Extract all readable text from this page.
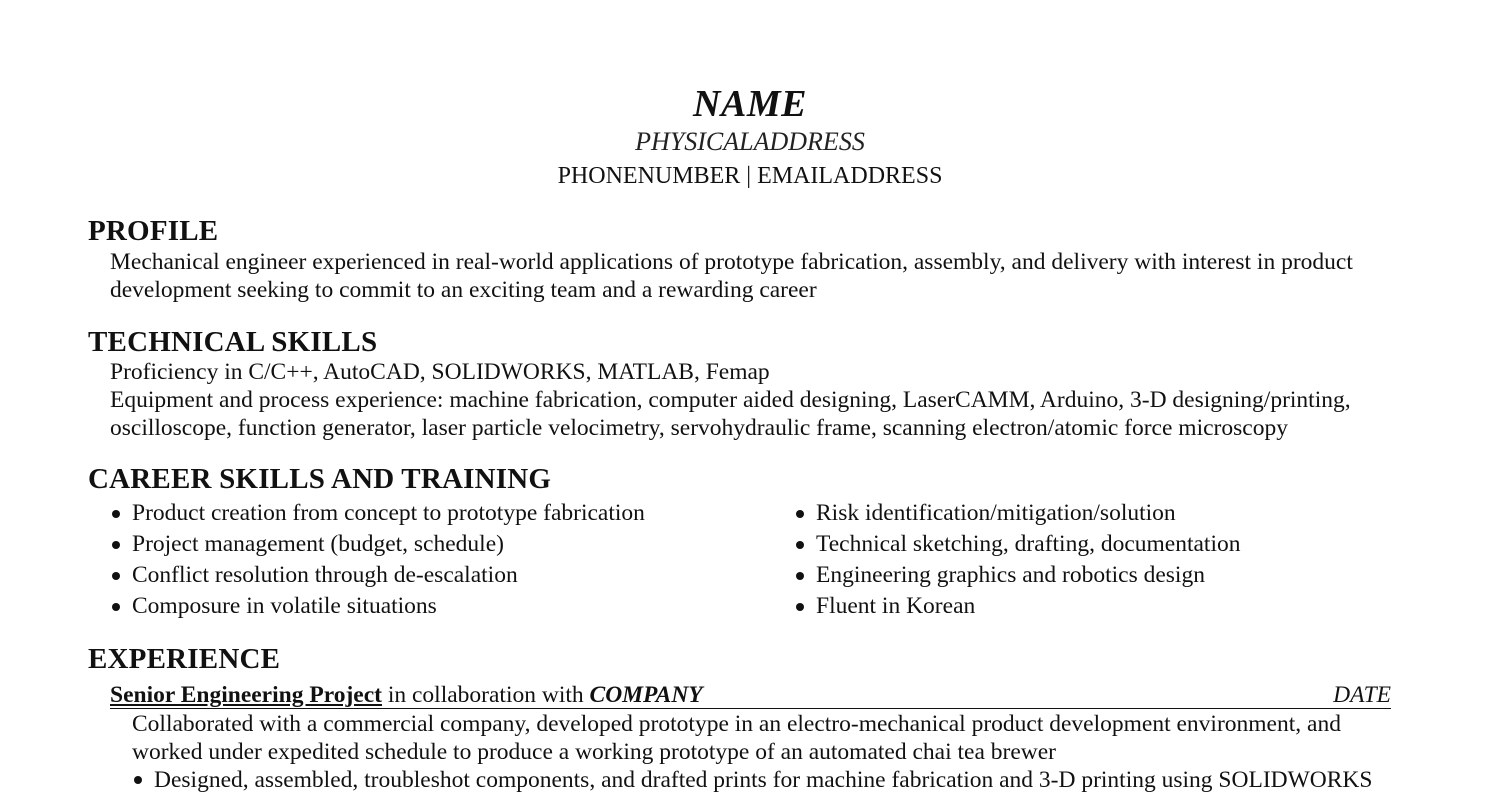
NAME
PHYSICALADDRESS
PHONENUMBER | EMAILADDRESS
PROFILE

Mechanical engineer experienced in real-world applications of prototype fabrication, assembly, and delivery with interest in product development seeking to commit to an exciting team and a rewarding career

TECHNICAL SKILLS

Proficiency in C/C++, AutoCAD, SOLIDWORKS, MATLAB, Femap

Equipment and process experience: machine fabrication, computer aided designing, LaserCAMM, Arduino, 3-D designing/printing, oscilloscope, function generator, laser particle velocimetry, servohydraulic frame, scanning electron/atomic force microscopy

CAREER SKILLS AND TRAINING
Product creation from concept to prototype fabrication
Project management (budget, schedule)
Conflict resolution through de-escalation
Composure in volatile situations
Risk identification/mitigation/solution
Technical sketching, drafting, documentation
Engineering graphics and robotics design
Fluent in Korean
EXPERIENCE
Senior Engineering Project in collaboration with COMPANY	DATE
Collaborated with a commercial company, developed prototype in an electro-mechanical product development environment, and worked under expedited schedule to produce a working prototype of an automated chai tea brewer
Designed, assembled, troubleshot components, and drafted prints for machine fabrication and 3-D printing using SOLIDWORKS
